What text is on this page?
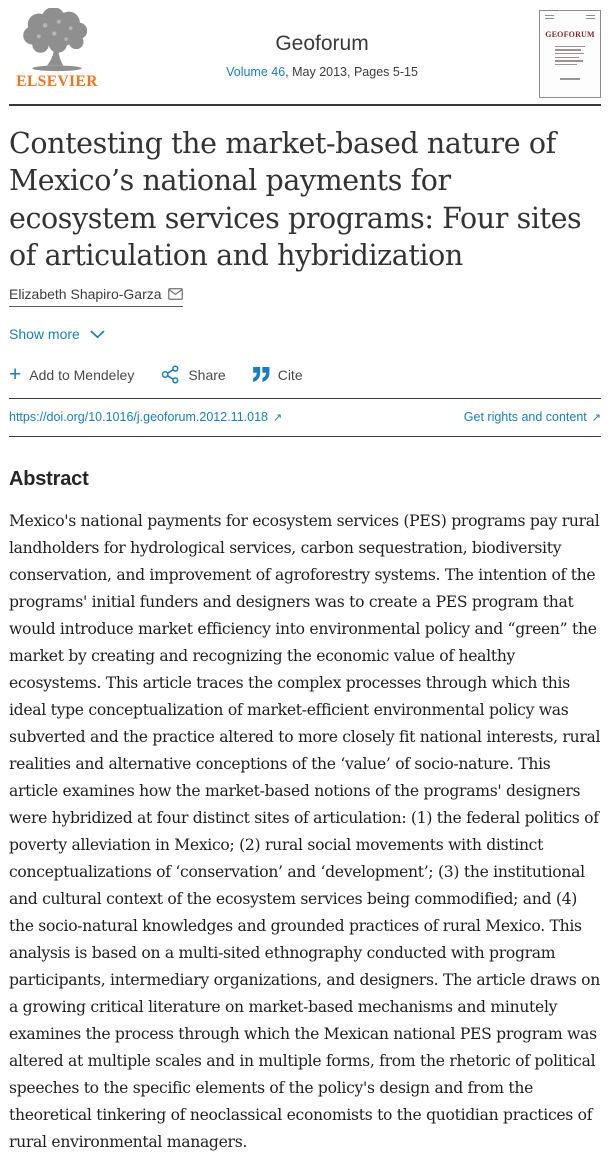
ELSEVIER
Geoforum
Volume 46, May 2013, Pages 5-15
GEOFORUM
Contesting the market-based nature of Mexico’s national payments for ecosystem services programs: Four sites of articulation and hybridization
Elizabeth Shapiro-Garza
Show more
+ Add to Mendeley	Share	Cite
https://doi.org/10.1016/j.geoforum.2012.11.018 ↗	Get rights and content ↗
Abstract

Mexico's national payments for ecosystem services (PES) programs pay rural landholders for hydrological services, carbon sequestration, biodiversity conservation, and improvement of agroforestry systems. The intention of the programs' initial funders and designers was to create a PES program that would introduce market efficiency into environmental policy and “green” the market by creating and recognizing the economic value of healthy ecosystems. This article traces the complex processes through which this ideal type conceptualization of market-efficient environmental policy was subverted and the practice altered to more closely fit national interests, rural realities and alternative conceptions of the ‘value’ of socio-nature. This article examines how the market-based notions of the programs' designers were hybridized at four distinct sites of articulation: (1) the federal politics of poverty alleviation in Mexico; (2) rural social movements with distinct conceptualizations of ‘conservation’ and ‘development’; (3) the institutional and cultural context of the ecosystem services being commodified; and (4) the socio-natural knowledges and grounded practices of rural Mexico. This analysis is based on a multi-sited ethnography conducted with program participants, intermediary organizations, and designers. The article draws on a growing critical literature on market-based mechanisms and minutely examines the process through which the Mexican national PES program was altered at multiple scales and in multiple forms, from the rhetoric of political speeches to the specific elements of the policy's design and from the theoretical tinkering of neoclassical economists to the quotidian practices of rural environmental managers.
